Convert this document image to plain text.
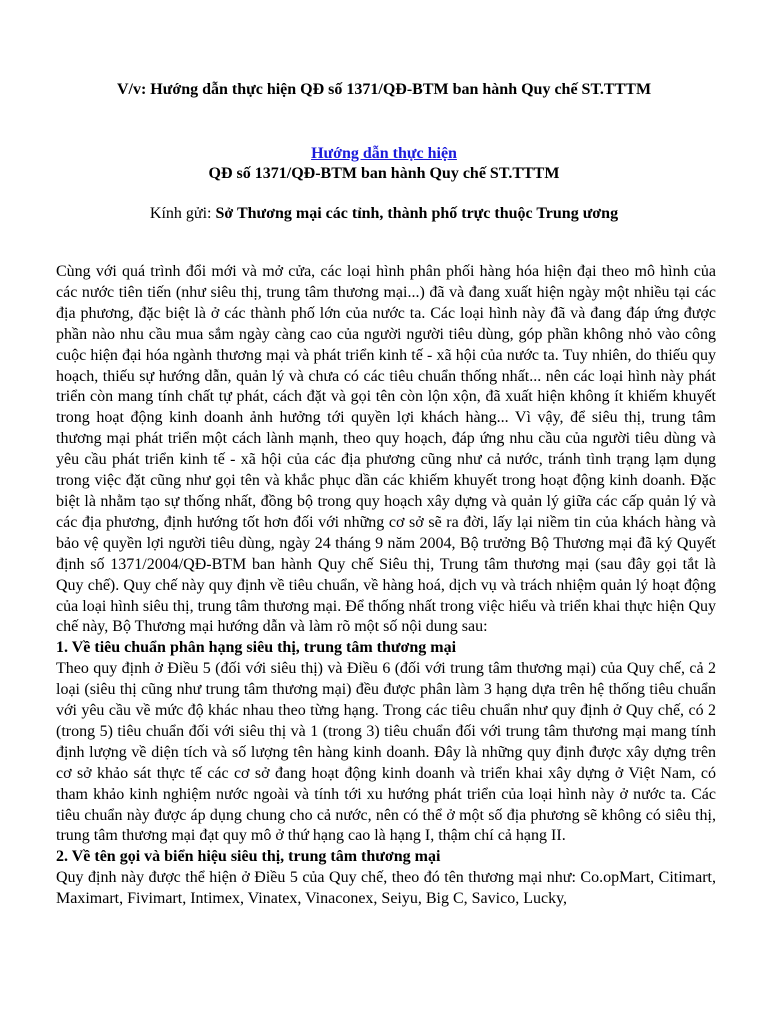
V/v: Hướng dẫn thực hiện QĐ số 1371/QĐ-BTM ban hành Quy chế ST.TTTM
Hướng dẫn thực hiện
QĐ số 1371/QĐ-BTM ban hành Quy chế ST.TTTM
Kính gửi: Sở Thương mại các tỉnh, thành phố trực thuộc Trung ương

Cùng với quá trình đổi mới và mở cửa, các loại hình phân phối hàng hóa hiện đại theo mô hình của các nước tiên tiến (như siêu thị, trung tâm thương mại...) đã và đang xuất hiện ngày một nhiều tại các địa phương, đặc biệt là ở các thành phố lớn của nước ta. Các loại hình này đã và đang đáp ứng được phần nào nhu cầu mua sắm ngày càng cao của người người tiêu dùng, góp phần không nhỏ vào công cuộc hiện đại hóa ngành thương mại và phát triển kinh tế - xã hội của nước ta. Tuy nhiên, do thiếu quy hoạch, thiếu sự hướng dẫn, quản lý và chưa có các tiêu chuẩn thống nhất... nên các loại hình này phát triển còn mang tính chất tự phát, cách đặt và gọi tên còn lộn xộn, đã xuất hiện không ít khiếm khuyết trong hoạt động kinh doanh ảnh hưởng tới quyền lợi khách hàng... Vì vậy, để siêu thị, trung tâm thương mại phát triển một cách lành mạnh, theo quy hoạch, đáp ứng nhu cầu của người tiêu dùng và yêu cầu phát triển kinh tế - xã hội của các địa phương cũng như cả nước, tránh tình trạng lạm dụng trong việc đặt cũng như gọi tên và khắc phục dần các khiếm khuyết trong hoạt động kinh doanh. Đặc biệt là nhằm tạo sự thống nhất, đồng bộ trong quy hoạch xây dựng và quản lý giữa các cấp quản lý và các địa phương, định hướng tốt hơn đối với những cơ sở sẽ ra đời, lấy lại niềm tin của khách hàng và bảo vệ quyền lợi người tiêu dùng, ngày 24 tháng 9 năm 2004, Bộ trưởng Bộ Thương mại đã ký Quyết định số 1371/2004/QĐ-BTM ban hành Quy chế Siêu thị, Trung tâm thương mại (sau đây gọi tắt là Quy chế). Quy chế này quy định về tiêu chuẩn, về hàng hoá, dịch vụ và trách nhiệm quản lý hoạt động của loại hình siêu thị, trung tâm thương mại. Để thống nhất trong việc hiểu và triển khai thực hiện Quy chế này, Bộ Thương mại hướng dẫn và làm rõ một số nội dung sau:

1. Về tiêu chuẩn phân hạng siêu thị, trung tâm thương mại

Theo quy định ở Điều 5 (đối với siêu thị) và Điều 6 (đối với trung tâm thương mại) của Quy chế, cả 2 loại (siêu thị cũng như trung tâm thương mại) đều được phân làm 3 hạng dựa trên hệ thống tiêu chuẩn với yêu cầu về mức độ khác nhau theo từng hạng. Trong các tiêu chuẩn như quy định ở Quy chế, có 2 (trong 5) tiêu chuẩn đối với siêu thị và 1 (trong 3) tiêu chuẩn đối với trung tâm thương mại mang tính định lượng về diện tích và số lượng tên hàng kinh doanh. Đây là những quy định được xây dựng trên cơ sở khảo sát thực tế các cơ sở đang hoạt động kinh doanh và triển khai xây dựng ở Việt Nam, có tham khảo kinh nghiệm nước ngoài và tính tới xu hướng phát triển của loại hình này ở nước ta. Các tiêu chuẩn này được áp dụng chung cho cả nước, nên có thể ở một số địa phương sẽ không có siêu thị, trung tâm thương mại đạt quy mô ở thứ hạng cao là hạng I, thậm chí cả hạng II.

2. Về tên gọi và biển hiệu siêu thị, trung tâm thương mại

Quy định này được thể hiện ở Điều 5 của Quy chế, theo đó tên thương mại như: Co.opMart, Citimart, Maximart, Fivimart, Intimex, Vinatex, Vinaconex, Seiyu, Big C, Savico, Lucky,
